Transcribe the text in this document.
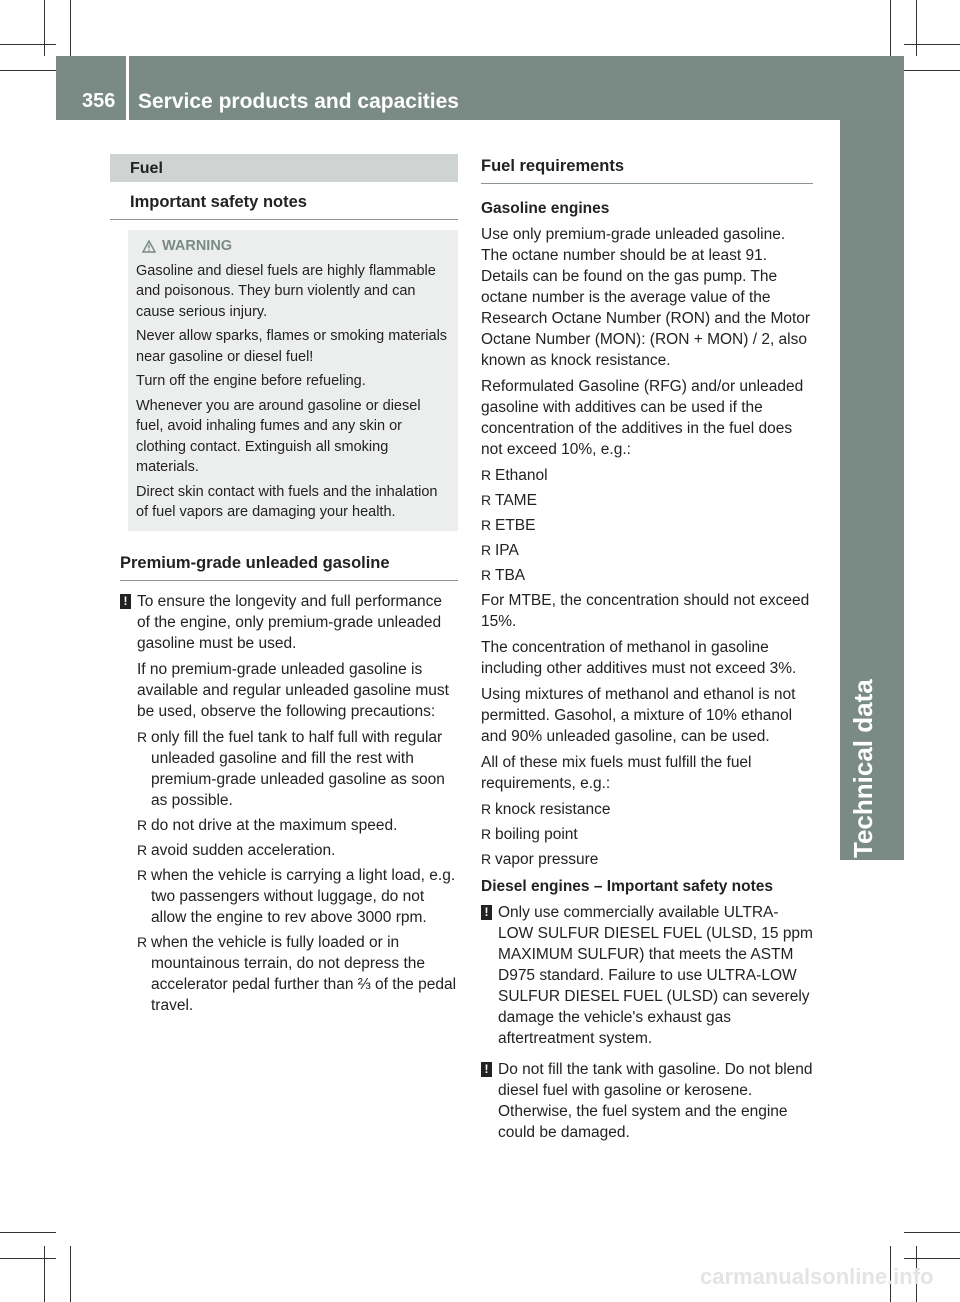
356 Service products and capacities
Technical data
Fuel
Important safety notes
WARNING

Gasoline and diesel fuels are highly flammable and poisonous. They burn violently and can cause serious injury.

Never allow sparks, flames or smoking materials near gasoline or diesel fuel!

Turn off the engine before refueling.

Whenever you are around gasoline or diesel fuel, avoid inhaling fumes and any skin or clothing contact. Extinguish all smoking materials.

Direct skin contact with fuels and the inhalation of fuel vapors are damaging your health.

Premium-grade unleaded gasoline
! To ensure the longevity and full performance of the engine, only premium-grade unleaded gasoline must be used.

If no premium-grade unleaded gasoline is available and regular unleaded gasoline must be used, observe the following precautions:

R only fill the fuel tank to half full with regular unleaded gasoline and fill the rest with premium-grade unleaded gasoline as soon as possible.
R do not drive at the maximum speed.
R avoid sudden acceleration.
R when the vehicle is carrying a light load, e.g. two passengers without luggage, do not allow the engine to rev above 3000 rpm.
R when the vehicle is fully loaded or in mountainous terrain, do not depress the accelerator pedal further than ⅔ of the pedal travel.
Fuel requirements

Gasoline engines

Use only premium-grade unleaded gasoline. The octane number should be at least 91. Details can be found on the gas pump. The octane number is the average value of the Research Octane Number (RON) and the Motor Octane Number (MON): (RON + MON) / 2, also known as knock resistance.

Reformulated Gasoline (RFG) and/or unleaded gasoline with additives can be used if the concentration of the additives in the fuel does not exceed 10%, e.g.:

R Ethanol
R TAME
R ETBE
R IPA
R TBA

For MTBE, the concentration should not exceed 15%.

The concentration of methanol in gasoline including other additives must not exceed 3%.

Using mixtures of methanol and ethanol is not permitted. Gasohol, a mixture of 10% ethanol and 90% unleaded gasoline, can be used.

All of these mix fuels must fulfill the fuel requirements, e.g.:

R knock resistance
R boiling point
R vapor pressure

Diesel engines – Important safety notes

! Only use commercially available ULTRA-LOW SULFUR DIESEL FUEL (ULSD, 15 ppm MAXIMUM SULFUR) that meets the ASTM D975 standard. Failure to use ULTRA-LOW SULFUR DIESEL FUEL (ULSD) can severely damage the vehicle's exhaust gas aftertreatment system.
! Do not fill the tank with gasoline. Do not blend diesel fuel with gasoline or kerosene. Otherwise, the fuel system and the engine could be damaged.
carmanualsonline.info
